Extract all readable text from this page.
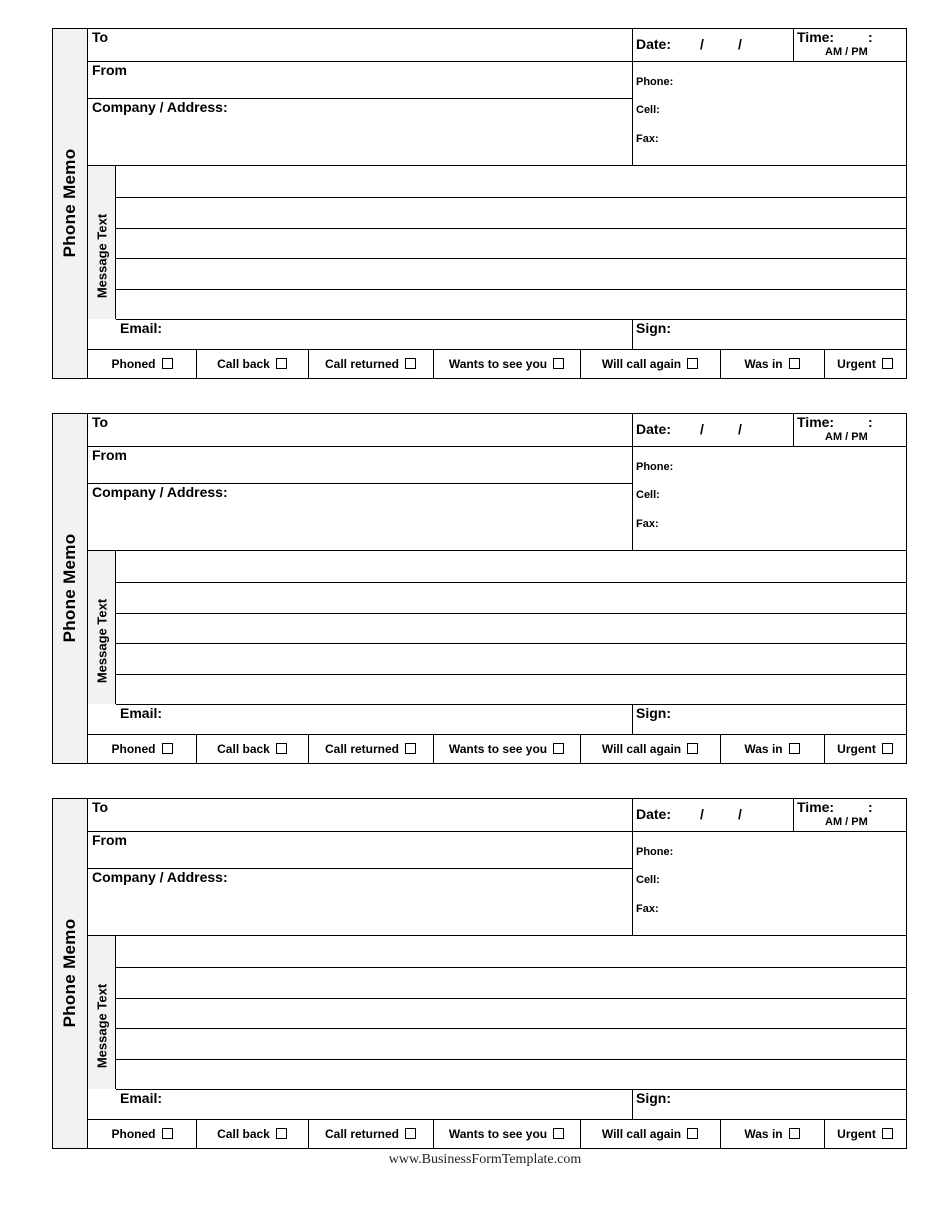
Phone Memo
To	Date: / /	Time: :
AM / PM
From
Company / Address:
Phone:
Cell:
Fax:
Message Text
Email:	Sign:
Phoned	Call back	Call returned	Wants to see you	Will call again	Was in	Urgent
Phone Memo
To	Date: / /	Time: :
AM / PM
From
Company / Address:
Phone:
Cell:
Fax:
Message Text
Email:	Sign:
Phoned	Call back	Call returned	Wants to see you	Will call again	Was in	Urgent
Phone Memo
To	Date: / /	Time: :
AM / PM
From
Company / Address:
Phone:
Cell:
Fax:
Message Text
Email:	Sign:
Phoned	Call back	Call returned	Wants to see you	Will call again	Was in	Urgent
www.BusinessFormTemplate.com
